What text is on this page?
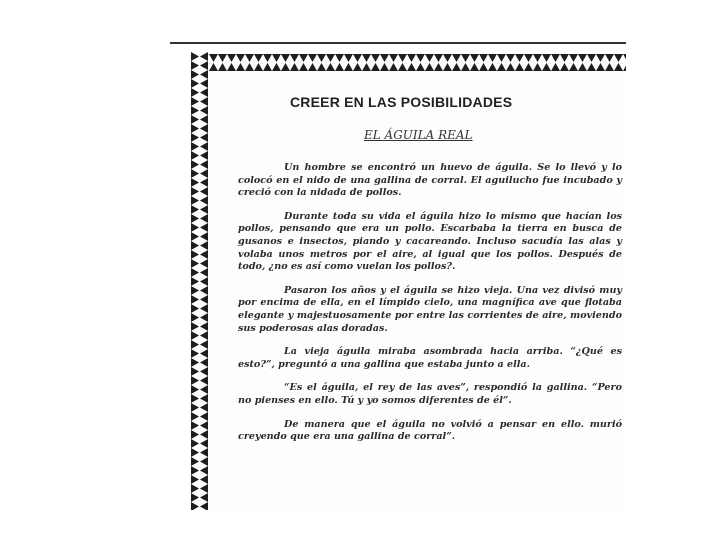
CREER EN LAS POSIBILIDADES
EL ÁGUILA REAL

Un hombre se encontró un huevo de águila. Se lo llevó y lo colocó en el nido de una gallina de corral. El aguilucho fue incubado y creció con la nidada de pollos.

Durante toda su vida el águila hizo lo mismo que hacían los pollos, pensando que era un pollo. Escarbaba la tierra en busca de gusanos e insectos, piando y cacareando. Incluso sacudía las alas y volaba unos metros por el aire, al igual que los pollos. Después de todo, ¿no es así como vuelan los pollos?.

Pasaron los años y el águila se hizo vieja. Una vez divisó muy por encima de ella, en el límpido cielo, una magnífica ave que flotaba elegante y majestuosamente por entre las corrientes de aire, moviendo sus poderosas alas doradas.

La vieja águila miraba asombrada hacia arriba. “¿Qué es esto?”, preguntó a una gallina que estaba junto a ella.

“Es el águila, el rey de las aves”, respondió la gallina. “Pero no pienses en ello. Tú y yo somos diferentes de él”.

De manera que el águila no volvió a pensar en ello. murió creyendo que era una gallina de corral”.
